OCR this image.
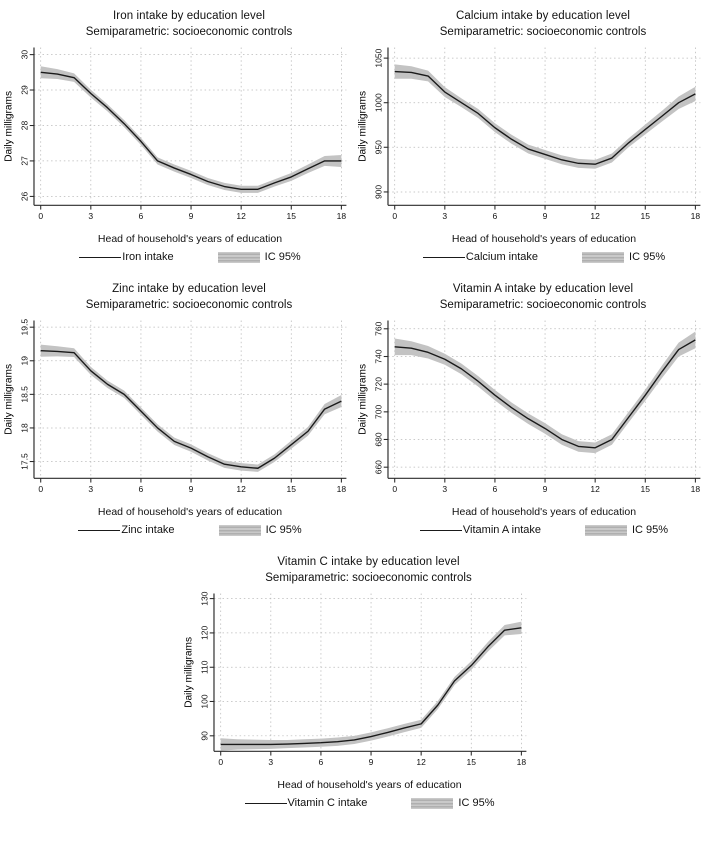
Iron intake by education level
Semiparametric: socioeconomic controls
Daily milligrams
26
27
28
29
30
0	3	6	9	12	15	18
Head of household's years of education
Iron intake	IC 95%
Calcium intake by education level
Semiparametric: socioeconomic controls
Daily milligrams
900
950
1000
1050
0	3	6	9	12	15	18
Head of household's years of education
Calcium intake	IC 95%
Zinc intake by education level
Semiparametric: socioeconomic controls
Daily milligrams
17.5
18
18.5
19
19.5
0	3	6	9	12	15	18
Head of household's years of education
Zinc intake	IC 95%
Vitamin A intake by education level
Semiparametric: socioeconomic controls
Daily milligrams
660
680
700
720
740
760
0	3	6	9	12	15	18
Head of household's years of education
Vitamin A intake	IC 95%
Vitamin C intake by education level
Semiparametric: socioeconomic controls
Daily milligrams
90
100
110
120
130
0	3	6	9	12	15	18
Head of household's years of education
Vitamin C intake	IC 95%
